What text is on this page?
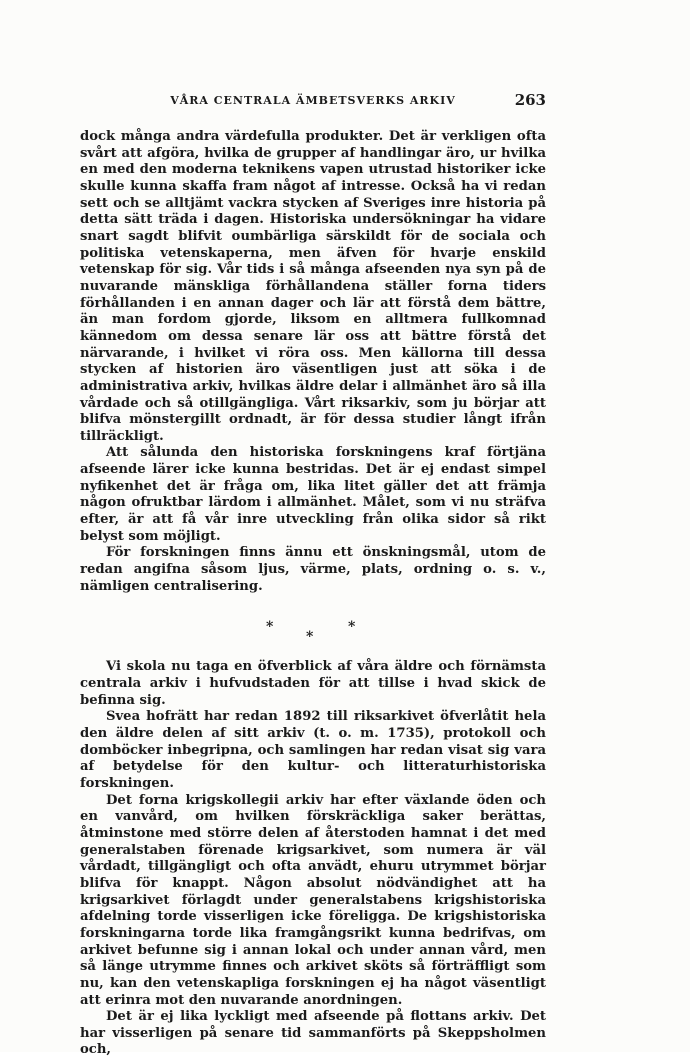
VÅRA CENTRALA ÄMBETSVERKS ARKIV	263

dock många andra värdefulla produkter. Det är verkligen ofta svårt att afgöra, hvilka de grupper af handlingar äro, ur hvilka en med den moderna teknikens vapen utrustad historiker icke skulle kunna skaffa fram något af intresse. Också ha vi redan sett och se alltjämt vackra stycken af Sveriges inre historia på detta sätt träda i dagen. Historiska undersökningar ha vidare snart sagdt blifvit oumbärliga särskildt för de sociala och politiska vetenskaperna, men äfven för hvarje enskild vetenskap för sig. Vår tids i så många afseenden nya syn på de nuvarande mänskliga förhållandena ställer forna tiders förhållanden i en annan dager och lär att förstå dem bättre, än man fordom gjorde, liksom en alltmera fullkomnad kännedom om dessa senare lär oss att bättre förstå det närvarande, i hvilket vi röra oss. Men källorna till dessa stycken af historien äro väsentligen just att söka i de administrativa arkiv, hvilkas äldre delar i allmänhet äro så illa vårdade och så otillgängliga. Vårt riksarkiv, som ju börjar att blifva mönstergillt ordnadt, är för dessa studier långt ifrån tillräckligt.

Att sålunda den historiska forskningens kraf förtjäna afseende lärer icke kunna bestridas. Det är ej endast simpel nyfikenhet det är fråga om, lika litet gäller det att främja någon ofruktbar lärdom i allmänhet. Målet, som vi nu sträfva efter, är att få vår inre utveckling från olika sidor så rikt belyst som möjligt.

För forskningen finns ännu ett önskningsmål, utom de redan angifna såsom ljus, värme, plats, ordning o. s. v., nämligen centralisering.

*
*
*

Vi skola nu taga en öfverblick af våra äldre och förnämsta centrala arkiv i hufvudstaden för att tillse i hvad skick de befinna sig.

Svea hofrätt har redan 1892 till riksarkivet öfverlåtit hela den äldre delen af sitt arkiv (t. o. m. 1735), protokoll och domböcker inbegripna, och samlingen har redan visat sig vara af betydelse för den kultur- och litteraturhistoriska forskningen.

Det forna krigskollegii arkiv har efter växlande öden och en vanvård, om hvilken förskräckliga saker berättas, åtminstone med större delen af återstoden hamnat i det med generalstaben förenade krigsarkivet, som numera är väl vårdadt, tillgängligt och ofta anvädt, ehuru utrymmet börjar blifva för knappt. Någon absolut nödvändighet att ha krigsarkivet förlagdt under generalstabens krigshistoriska afdelning torde visserligen icke föreligga. De krigshistoriska forskningarna torde lika framgångsrikt kunna bedrifvas, om arkivet befunne sig i annan lokal och under annan vård, men så länge utrymme finnes och arkivet sköts så förträffligt som nu, kan den vetenskapliga forskningen ej ha något väsentligt att erinra mot den nuvarande anordningen.

Det är ej lika lyckligt med afseende på flottans arkiv. Det har visserligen på senare tid sammanförts på Skeppsholmen och,
